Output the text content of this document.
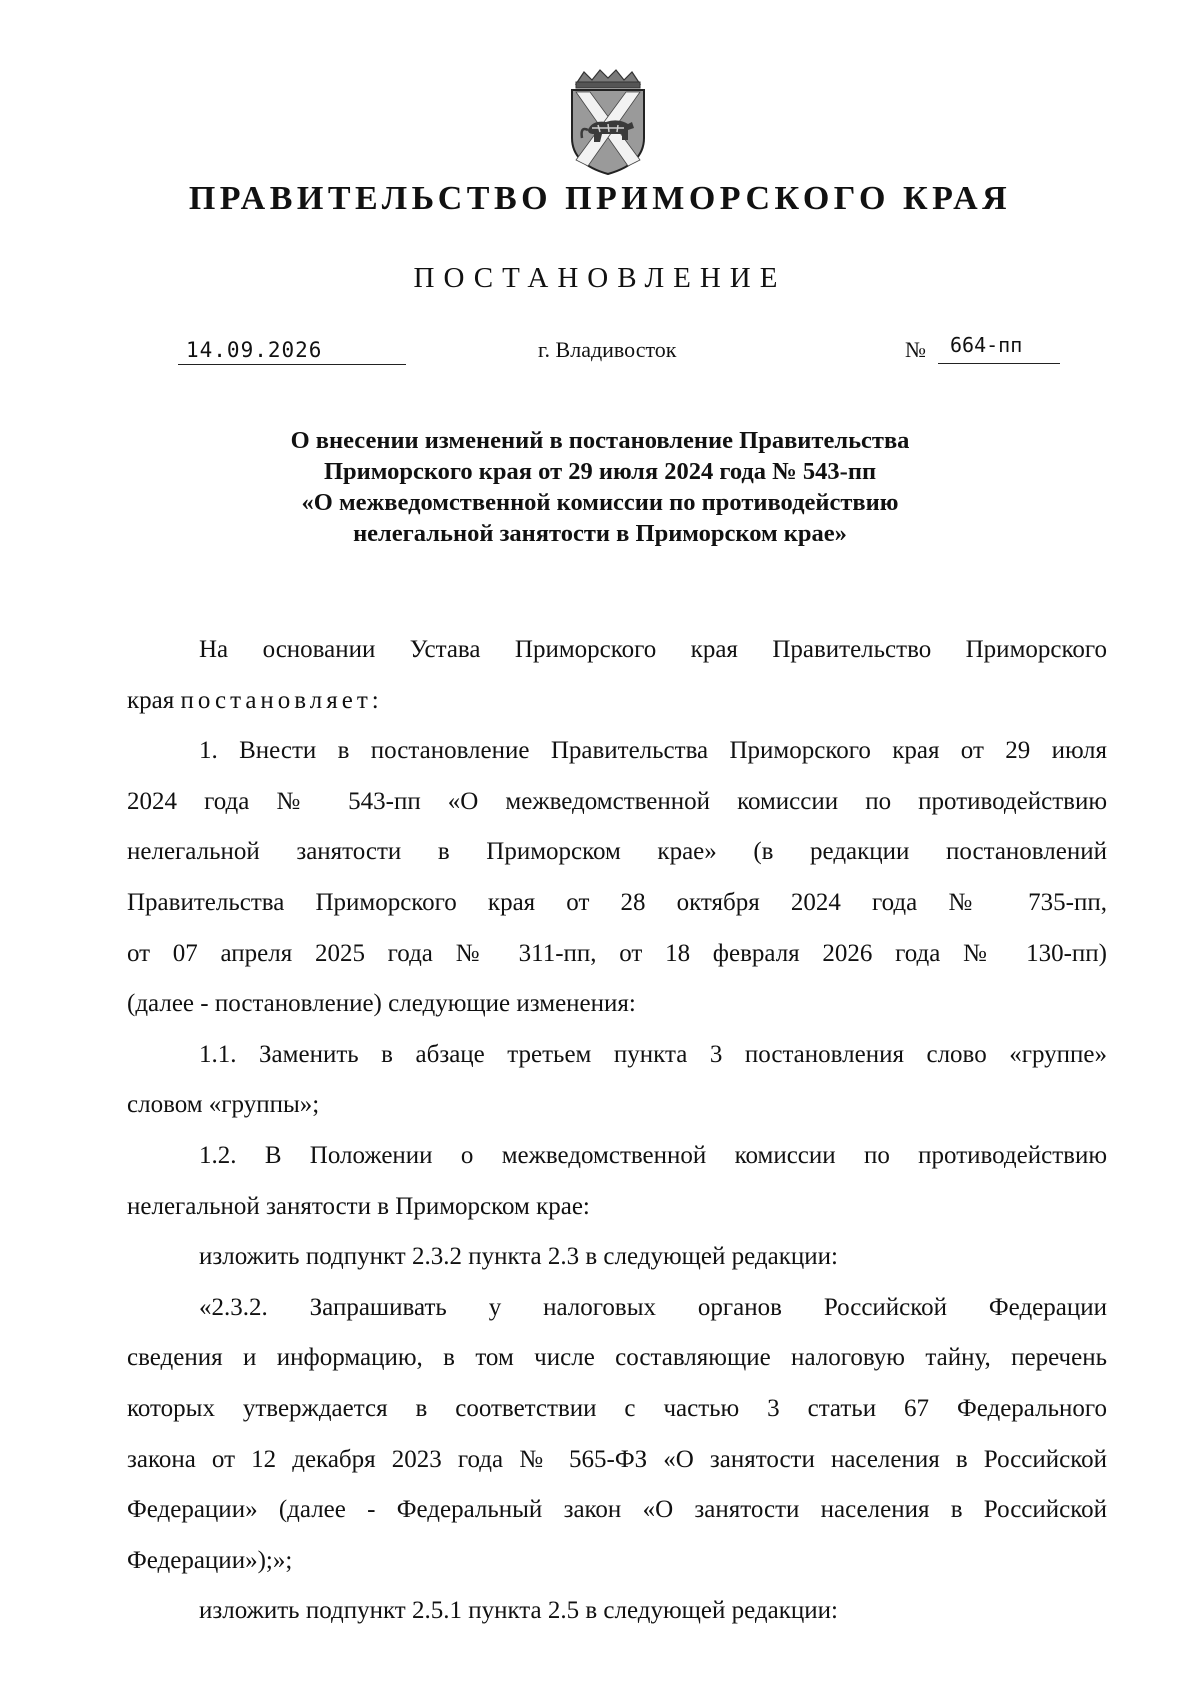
ПРАВИТЕЛЬСТВО ПРИМОРСКОГО КРАЯ
ПОСТАНОВЛЕНИЕ
14.09.2026	г. Владивосток	№ 664-пп
О внесении изменений в постановление Правительства
Приморского края от 29 июля 2024 года № 543-пп
«О межведомственной комиссии по противодействию
нелегальной занятости в Приморском крае»
На основании Устава Приморского края Правительство Приморского
края постановляет:
1. Внести в постановление Правительства Приморского края от 29 июля
2024 года № 543-пп «О межведомственной комиссии по противодействию
нелегальной занятости в Приморском крае» (в редакции постановлений
Правительства Приморского края от 28 октября 2024 года № 735-пп,
от 07 апреля 2025 года № 311-пп, от 18 февраля 2026 года № 130-пп)
(далее - постановление) следующие изменения:
1.1. Заменить в абзаце третьем пункта 3 постановления слово «группе»
словом «группы»;
1.2. В Положении о межведомственной комиссии по противодействию
нелегальной занятости в Приморском крае:
изложить подпункт 2.3.2 пункта 2.3 в следующей редакции:
«2.3.2. Запрашивать у налоговых органов Российской Федерации
сведения и информацию, в том числе составляющие налоговую тайну, перечень
которых утверждается в соответствии с частью 3 статьи 67 Федерального
закона от 12 декабря 2023 года № 565-ФЗ «О занятости населения в Российской
Федерации» (далее - Федеральный закон «О занятости населения в Российской
Федерации»);»;
изложить подпункт 2.5.1 пункта 2.5 в следующей редакции:
